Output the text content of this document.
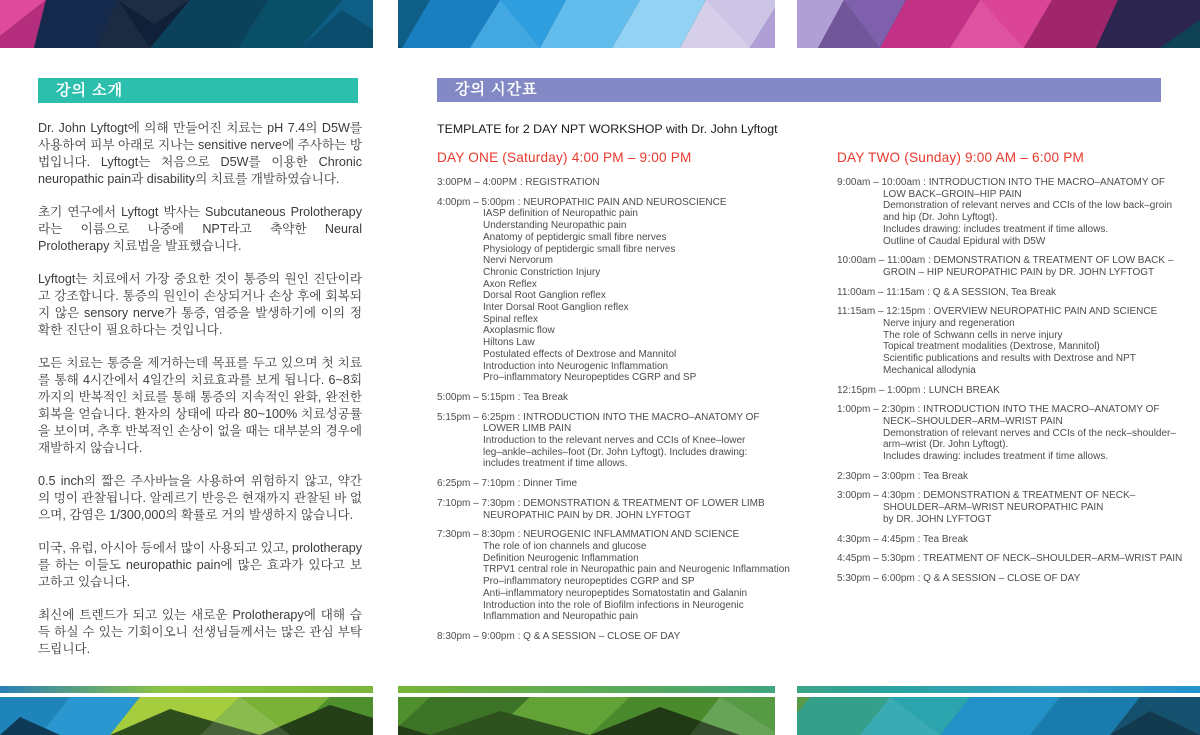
강의 소개

Dr. John Lyftogt에 의해 만들어진 치료는 pH 7.4의 D5W를 사용하여 피부 아래로 지나는 sensitive nerve에 주사하는 방법입니다. Lyftogt는 처음으로 D5W를 이용한 Chronic neuropathic pain과 disability의 치료를 개발하였습니다.

초기 연구에서 Lyftogt 박사는 Subcutaneous Prolotherapy 라는 이름으로 나중에 NPT라고 축약한 Neural Prolotherapy 치료법을 발표했습니다.

Lyftogt는 치료에서 가장 중요한 것이 통증의 원인 진단이라고 강조합니다. 통증의 원인이 손상되거나 손상 후에 회복되지 않은 sensory nerve가 통증, 염증을 발생하기에 이의 정확한 진단이 필요하다는 것입니다.

모든 치료는 통증을 제거하는데 목표를 두고 있으며 첫 치료를 통해 4시간에서 4일간의 치료효과를 보게 됩니다. 6~8회까지의 반복적인 치료를 통해 통증의 지속적인 완화, 완전한 회복을 얻습니다. 환자의 상태에 따라 80~100% 치료성공률을 보이며, 추후 반복적인 손상이 없을 때는 대부분의 경우에 재발하지 않습니다.

0.5 inch의 짧은 주사바늘을 사용하여 위험하지 않고, 약간의 멍이 관찰됩니다. 알레르기 반응은 현재까지 관찰된 바 없으며, 감염은 1/300,000의 확률로 거의 발생하지 않습니다.

미국, 유럽, 아시아 등에서 많이 사용되고 있고, prolotherapy를 하는 이들도 neuropathic pain에 많은 효과가 있다고 보고하고 있습니다.

최신에 트렌드가 되고 있는 새로운 Prolotherapy에 대해 습득 하실 수 있는 기회이오니 선생님들께서는 많은 관심 부탁드립니다.

강의 시간표
TEMPLATE for 2 DAY NPT WORKSHOP with Dr. John Lyftogt
DAY ONE (Saturday) 4:00 PM – 9:00 PM
3:00PM – 4:00PM : REGISTRATION
4:00pm – 5:00pm : NEUROPATHIC PAIN AND NEUROSCIENCE
IASP definition of Neuropathic pain
Understanding Neuropathic pain
Anatomy of peptidergic small fibre nerves
Physiology of peptidergic small fibre nerves
Nervi Nervorum
Chronic Constriction Injury
Axon Reflex
Dorsal Root Ganglion reflex
Inter Dorsal Root Ganglion reflex
Spinal reflex
Axoplasmic flow
Hiltons Law
Postulated effects of Dextrose and Mannitol
Introduction into Neurogenic Inflammation
Pro–inflammatory Neuropeptides CGRP and SP
5:00pm – 5:15pm : Tea Break
5:15pm – 6:25pm : INTRODUCTION INTO THE MACRO–ANATOMY OF
LOWER LIMB PAIN
Introduction to the relevant nerves and CCIs of Knee–lower
leg–ankle–achiles–foot (Dr. John Lyftogt). Includes drawing:
includes treatment if time allows.
6:25pm – 7:10pm : Dinner Time
7:10pm – 7:30pm : DEMONSTRATION & TREATMENT OF LOWER LIMB
NEUROPATHIC PAIN by DR. JOHN LYFTOGT
7:30pm – 8:30pm : NEUROGENIC INFLAMMATION AND SCIENCE
The role of ion channels and glucose
Definition Neurogenic Inflammation
TRPV1 central role in Neuropathic pain and Neurogenic Inflammation
Pro–inflammatory neuropeptides CGRP and SP
Anti–inflammatory neuropeptides Somatostatin and Galanin
Introduction into the role of Biofilm infections in Neurogenic
Inflammation and Neuropathic pain
8:30pm – 9:00pm : Q & A SESSION – CLOSE OF DAY
DAY TWO (Sunday) 9:00 AM – 6:00 PM
9:00am – 10:00am : INTRODUCTION INTO THE MACRO–ANATOMY OF
LOW BACK–GROIN–HIP PAIN
Demonstration of relevant nerves and CCIs of the low back–groin
and hip (Dr. John Lyftogt).
Includes drawing: includes treatment if time allows.
Outline of Caudal Epidural with D5W
10:00am – 11:00am : DEMONSTRATION & TREATMENT OF LOW BACK –
GROIN – HIP NEUROPATHIC PAIN by DR. JOHN LYFTOGT
11:00am – 11:15am : Q & A SESSION, Tea Break
11:15am – 12:15pm : OVERVIEW NEUROPATHIC PAIN AND SCIENCE
Nerve injury and regeneration
The role of Schwann cells in nerve injury
Topical treatment modalities (Dextrose, Mannitol)
Scientific publications and results with Dextrose and NPT
Mechanical allodynia
12:15pm – 1:00pm : LUNCH BREAK
1:00pm – 2:30pm : INTRODUCTION INTO THE MACRO–ANATOMY OF
NECK–SHOULDER–ARM–WRIST PAIN
Demonstration of relevant nerves and CCIs of the neck–shoulder–
arm–wrist (Dr. John Lyftogt).
Includes drawing: includes treatment if time allows.
2:30pm – 3:00pm : Tea Break
3:00pm – 4:30pm : DEMONSTRATION & TREATMENT OF NECK–
SHOULDER–ARM–WRIST NEUROPATHIC PAIN
by DR. JOHN LYFTOGT
4:30pm – 4:45pm : Tea Break
4:45pm – 5:30pm : TREATMENT OF NECK–SHOULDER–ARM–WRIST PAIN
5:30pm – 6:00pm : Q & A SESSION – CLOSE OF DAY
